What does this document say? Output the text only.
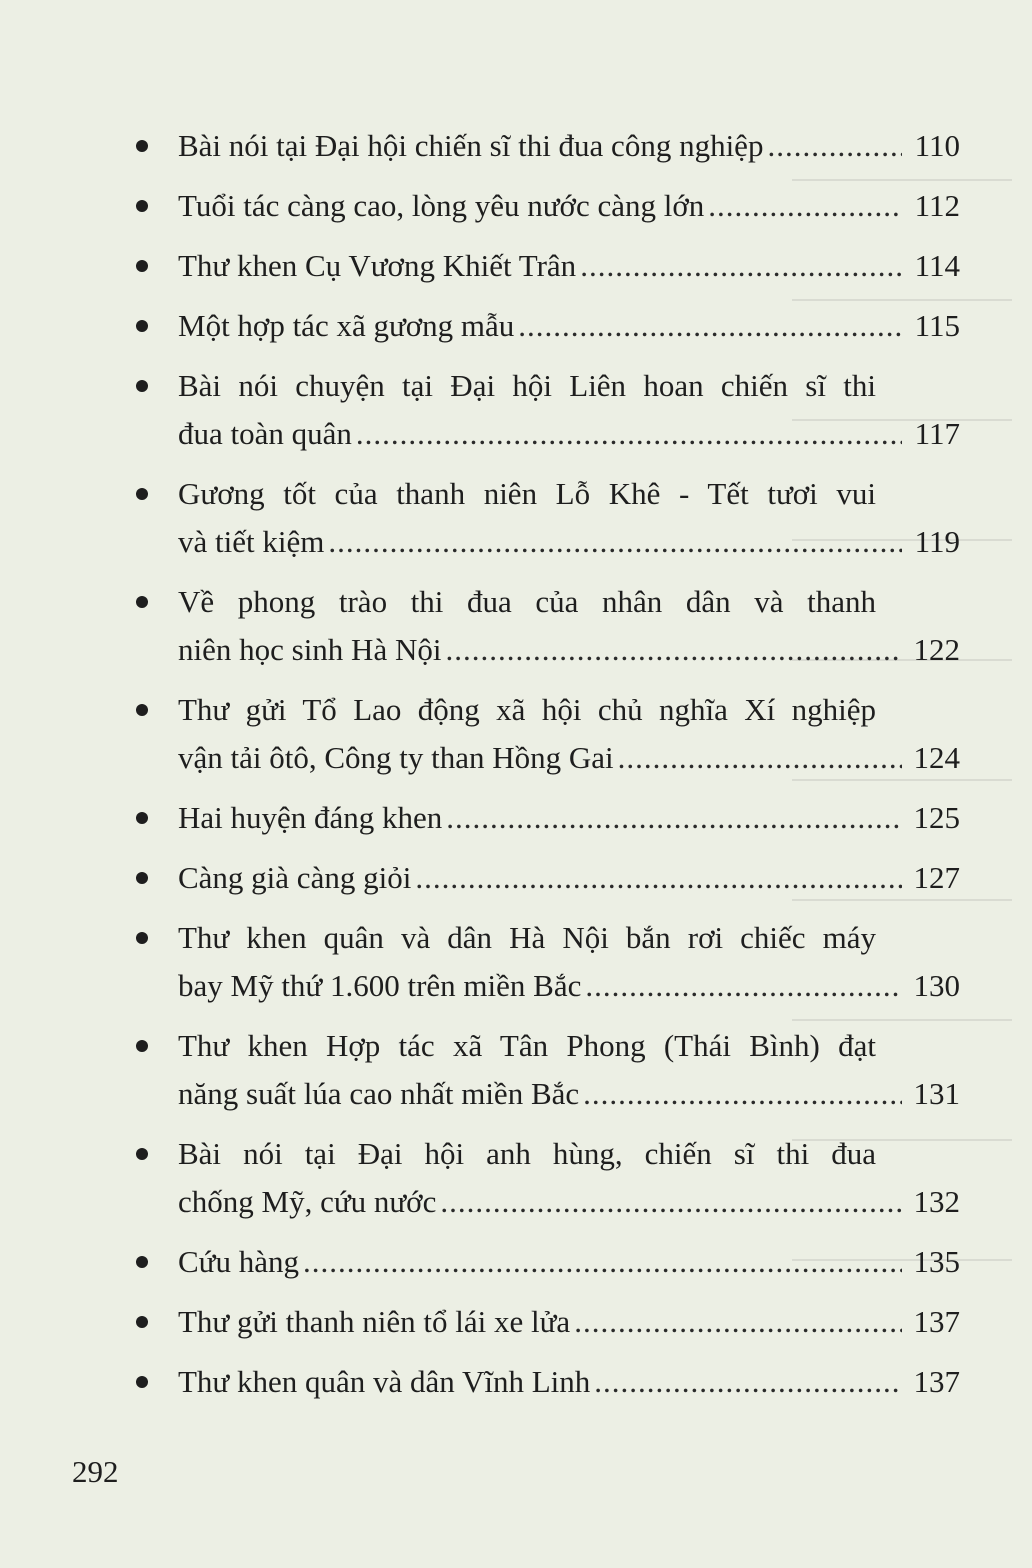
Bài nói tại Đại hội chiến sĩ thi đua công nghiệp .....	110
Tuổi tác càng cao, lòng yêu nước càng lớn .....	112
Thư khen Cụ Vương Khiết Trân .....	114
Một hợp tác xã gương mẫu .....	115
Bài nói chuyện tại Đại hội Liên hoan chiến sĩ thi
đua toàn quân .....	117
Gương tốt của thanh niên Lỗ Khê - Tết tươi vui
và tiết kiệm .....	119
Về phong trào thi đua của nhân dân và thanh
niên học sinh Hà Nội .....	122
Thư gửi Tổ Lao động xã hội chủ nghĩa Xí nghiệp
vận tải ôtô, Công ty than Hồng Gai .....	124
Hai huyện đáng khen .....	125
Càng già càng giỏi .....	127
Thư khen quân và dân Hà Nội bắn rơi chiếc máy
bay Mỹ thứ 1.600 trên miền Bắc .....	130
Thư khen Hợp tác xã Tân Phong (Thái Bình) đạt
năng suất lúa cao nhất miền Bắc .....	131
Bài nói tại Đại hội anh hùng, chiến sĩ thi đua
chống Mỹ, cứu nước .....	132
Cứu hàng .....	135
Thư gửi thanh niên tổ lái xe lửa .....	137
Thư khen quân và dân Vĩnh Linh .....	137
292
